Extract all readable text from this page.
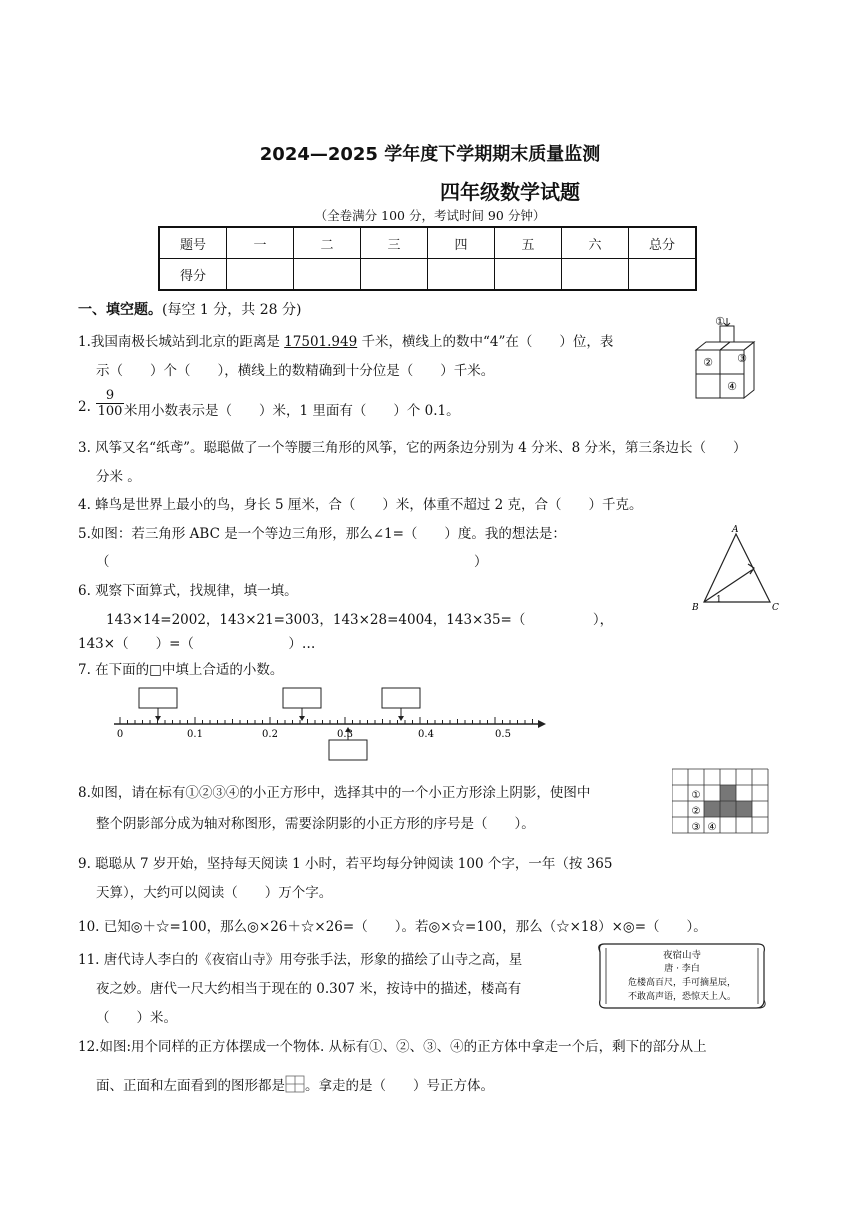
2024—2025 学年度下学期期末质量监测
四年级数学试题
（全卷满分 100 分，考试时间 90 分钟）
题号	一	二	三	四	五	六	总分
得分							
一、填空题。(每空 1 分，共 28 分)
1.我国南极长城站到北京的距离是 17501.949 千米，横线上的数中“4”在（　　）位，表
示（　　）个（　　），横线上的数精确到十分位是（　　）千米。
①
② ③
④
2. $\frac{9}{100}$ 米用小数表示是（　　）米，1 里面有（　　）个 0.1。
3. 风筝又名“纸鸢”。聪聪做了一个等腰三角形的风筝，它的两条边分别为 4 分米、8 分米，第三条边长（　　）
分米 。
4. 蜂鸟是世界上最小的鸟，身长 5 厘米，合（　　）米，体重不超过 2 克，合（　　）千克。
5.如图：若三角形 ABC 是一个等边三角形，那么∠1=（　　）度。我的想法是：
（　　　　　　　　　　　　　　　　　　　　　　　　　　　）
A
B	C
1
6. 观察下面算式，找规律，填一填。
143×14=2002，143×21=3003，143×28=4004，143×35=（　　　　　），
143×（　　）=（　　　　　　　）…
7. 在下面的□中填上合适的小数。
0	0.1	0.2	0.3	0.4	0.5
8.如图，请在标有①②③④的小正方形中，选择其中的一个小正方形涂上阴影，使图中
整个阴影部分成为轴对称图形，需要涂阴影的小正方形的序号是（　　）。
①
②
③ ④
9. 聪聪从 7 岁开始，坚持每天阅读 1 小时，若平均每分钟阅读 100 个字，一年（按 365
天算），大约可以阅读（　　）万个字。
10. 已知◎＋☆=100，那么◎×26＋☆×26=（　　）。若◎×☆=100，那么（☆×18）×◎=（　　）。
11. 唐代诗人李白的《夜宿山寺》用夸张手法，形象的描绘了山寺之高，星
夜之妙。唐代一尺大约相当于现在的 0.307 米，按诗中的描述，楼高有
（　　）米。
夜宿山寺
唐 · 李白
危楼高百尺，手可摘星辰，
不敢高声语，恐惊天上人。
12.如图:用个同样的正方体摆成一个物体. 从标有①、②、③、④的正方体中拿走一个后，剩下的部分从上
面、正面和左面看到的图形都是 。拿走的是（　　）号正方体。
